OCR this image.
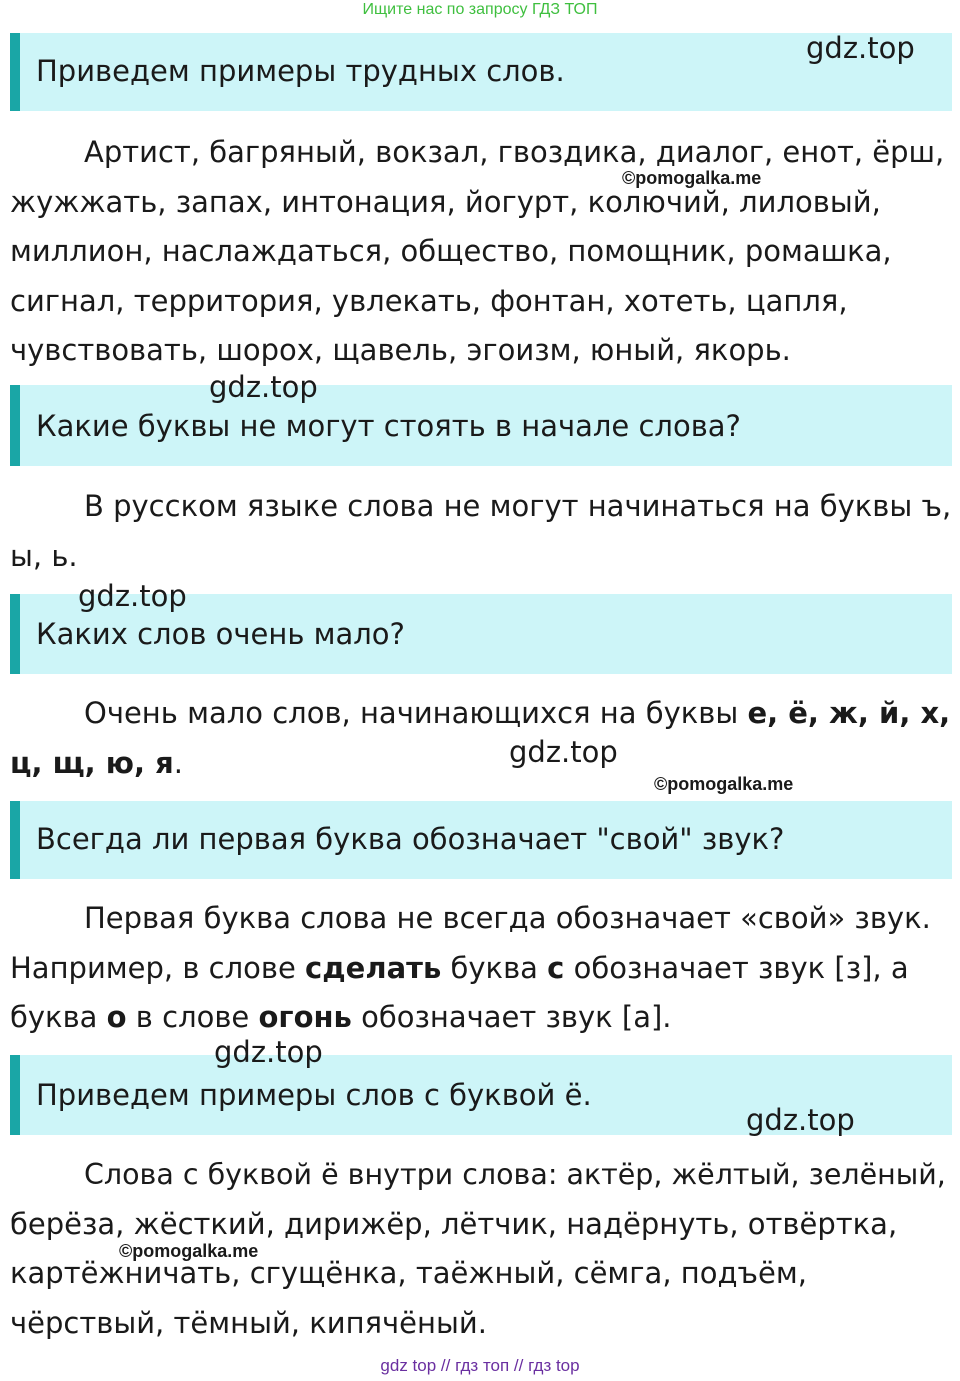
Ищите нас по запросу ГДЗ ТОП
Приведем примеры трудных слов.
gdz.top
Артист, багряный, вокзал, гвоздика, диалог, енот, ёрш,
жужжать, запах, интонация, йогурт, колючий, лиловый,
миллион, наслаждаться, общество, помощник, ромашка,
сигнал, территория, увлекать, фонтан, хотеть, цапля,
чувствовать, шорох, щавель, эгоизм, юный, якорь.
©pomogalka.me
Какие буквы не могут стоять в начале слова?
gdz.top
В русском языке слова не могут начинаться на буквы ъ,
ы, ь.
Каких слов очень мало?
gdz.top
Очень мало слов, начинающихся на буквы е, ё, ж, й, х,
ц, щ, ю, я.	gdz.top
©pomogalka.me
Всегда ли первая буква обозначает "свой" звук?
Первая буква слова не всегда обозначает «свой» звук.
Например, в слове сделать буква с обозначает звук [з], а
буква о в слове огонь обозначает звук [а].
Приведем примеры слов с буквой ё.
gdz.top
gdz.top
Слова с буквой ё внутри слова: актёр, жёлтый, зелёный,
берёза, жёсткий, дирижёр, лётчик, надёрнуть, отвёртка,
картёжничать, сгущёнка, таёжный, сёмга, подъём,
чёрствый, тёмный, кипячёный.
©pomogalka.me
gdz top // гдз топ // гдз top
